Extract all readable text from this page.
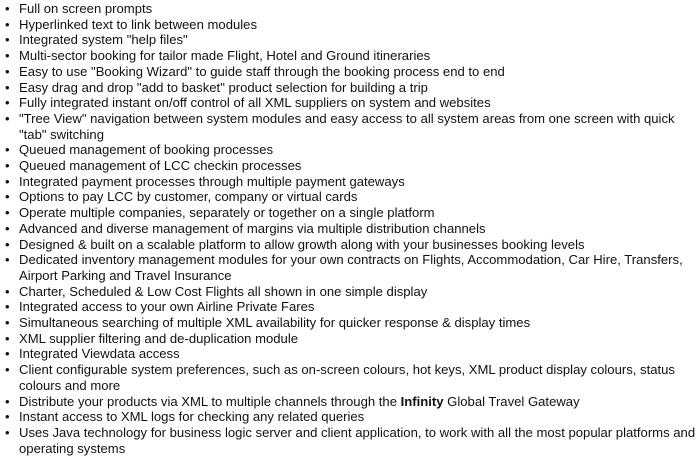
• Full on screen prompts
• Hyperlinked text to link between modules
• Integrated system "help files"
• Multi-sector booking for tailor made Flight, Hotel and Ground itineraries
• Easy to use "Booking Wizard" to guide staff through the booking process end to end
• Easy drag and drop "add to basket" product selection for building a trip
• Fully integrated instant on/off control of all XML suppliers on system and websites
• "Tree View" navigation between system modules and easy access to all system areas from one screen with quick "tab" switching
• Queued management of booking processes
• Queued management of LCC checkin processes
• Integrated payment processes through multiple payment gateways
• Options to pay LCC by customer, company or virtual cards
• Operate multiple companies, separately or together on a single platform
• Advanced and diverse management of margins via multiple distribution channels
• Designed & built on a scalable platform to allow growth along with your businesses booking levels
• Dedicated inventory management modules for your own contracts on Flights, Accommodation, Car Hire, Transfers, Airport Parking and Travel Insurance
• Charter, Scheduled & Low Cost Flights all shown in one simple display
• Integrated access to your own Airline Private Fares
• Simultaneous searching of multiple XML availability for quicker response & display times
• XML supplier filtering and de-duplication module
• Integrated Viewdata access
• Client configurable system preferences, such as on-screen colours, hot keys, XML product display colours, status colours and more
• Distribute your products via XML to multiple channels through the Infinity Global Travel Gateway
• Instant access to XML logs for checking any related queries
• Uses Java technology for business logic server and client application, to work with all the most popular platforms and operating systems
